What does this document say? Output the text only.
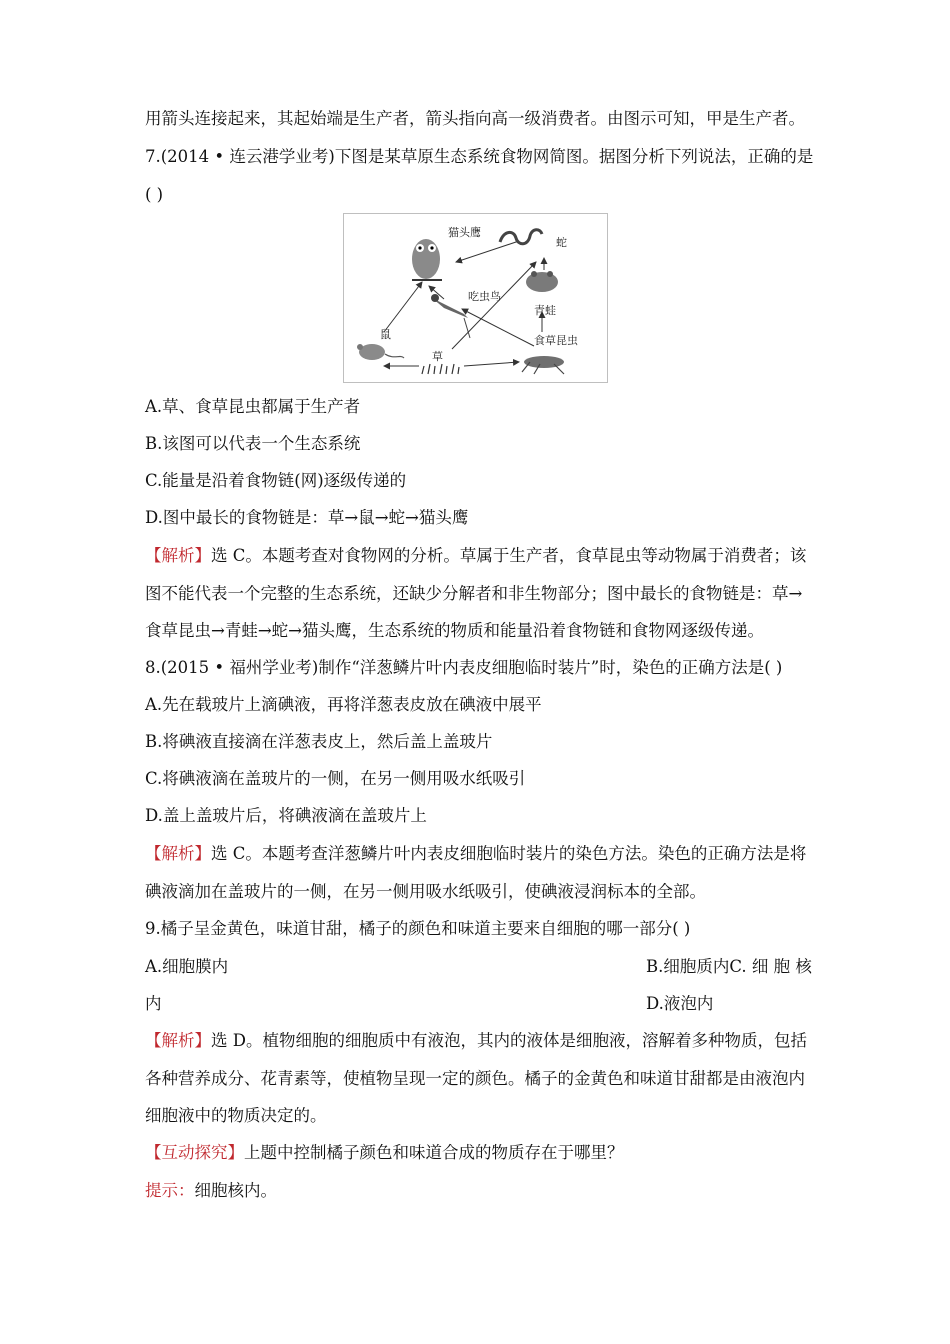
用箭头连接起来，其起始端是生产者，箭头指向高一级消费者。由图示可知，甲是生产者。
7.(2014 • 连云港学业考)下图是某草原生态系统食物网简图。据图分析下列说法，正确的是
( )
猫头鹰
蛇
吃虫鸟
青蛙
鼠	食草昆虫
草
A.草、食草昆虫都属于生产者
B.该图可以代表一个生态系统
C.能量是沿着食物链(网)逐级传递的
D.图中最长的食物链是：草→鼠→蛇→猫头鹰
【解析】选 C。本题考查对食物网的分析。草属于生产者，食草昆虫等动物属于消费者；该
图不能代表一个完整的生态系统，还缺少分解者和非生物部分；图中最长的食物链是：草→
食草昆虫→青蛙→蛇→猫头鹰，生态系统的物质和能量沿着食物链和食物网逐级传递。
8.(2015 • 福州学业考)制作“洋葱鳞片叶内表皮细胞临时装片”时，染色的正确方法是( )
A.先在载玻片上滴碘液，再将洋葱表皮放在碘液中展平
B.将碘液直接滴在洋葱表皮上，然后盖上盖玻片
C.将碘液滴在盖玻片的一侧，在另一侧用吸水纸吸引
D.盖上盖玻片后，将碘液滴在盖玻片上
【解析】选 C。本题考查洋葱鳞片叶内表皮细胞临时装片的染色方法。染色的正确方法是将
碘液滴加在盖玻片的一侧，在另一侧用吸水纸吸引，使碘液浸润标本的全部。
9.橘子呈金黄色，味道甘甜，橘子的颜色和味道主要来自细胞的哪一部分( )
A.细胞膜内	B.细胞质内C. 细 胞 核
内	D.液泡内
【解析】选 D。植物细胞的细胞质中有液泡，其内的液体是细胞液，溶解着多种物质，包括
各种营养成分、花青素等，使植物呈现一定的颜色。橘子的金黄色和味道甘甜都是由液泡内
细胞液中的物质决定的。
【互动探究】上题中控制橘子颜色和味道合成的物质存在于哪里？
提示：细胞核内。
